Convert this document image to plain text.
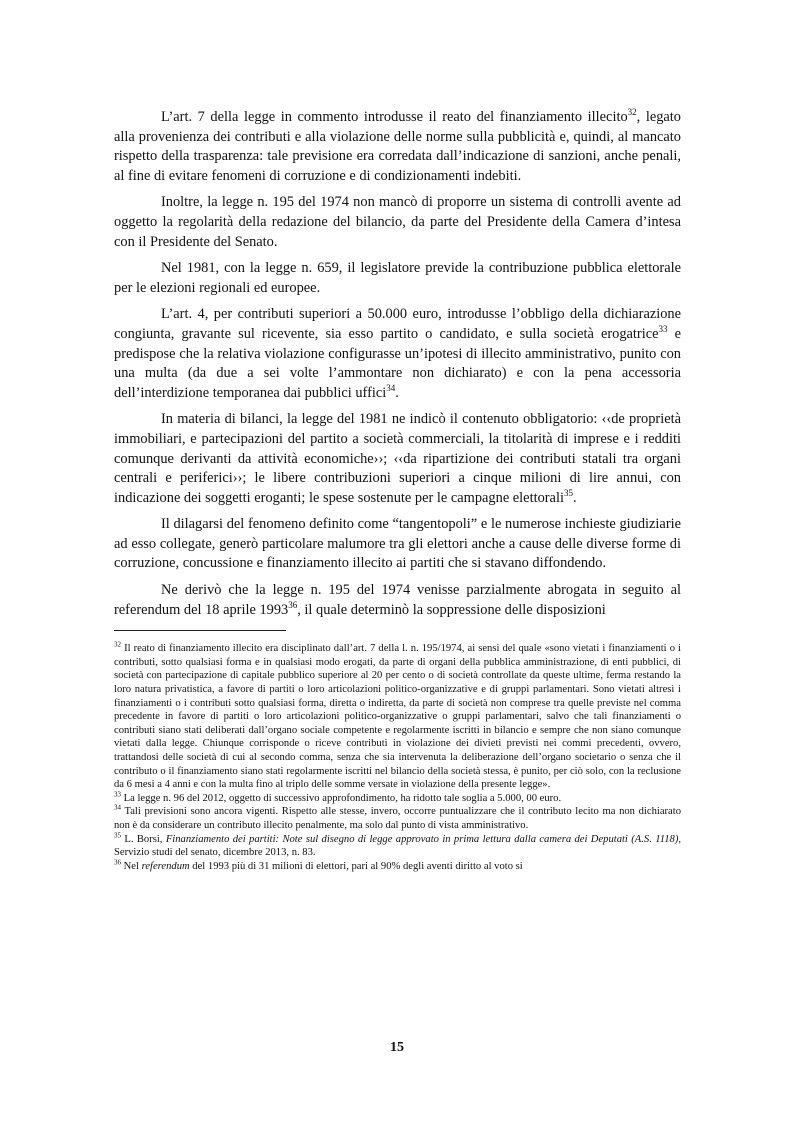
L’art. 7 della legge in commento introdusse il reato del finanziamento illecito$^{32}$, legato alla provenienza dei contributi e alla violazione delle norme sulla pubblicità e, quindi, al mancato rispetto della trasparenza: tale previsione era corredata dall’indicazione di sanzioni, anche penali, al fine di evitare fenomeni di corruzione e di condizionamenti indebiti.

Inoltre, la legge n. 195 del 1974 non mancò di proporre un sistema di controlli avente ad oggetto la regolarità della redazione del bilancio, da parte del Presidente della Camera d’intesa con il Presidente del Senato.

Nel 1981, con la legge n. 659, il legislatore previde la contribuzione pubblica elettorale per le elezioni regionali ed europee.

L’art. 4, per contributi superiori a 50.000 euro, introdusse l’obbligo della dichiarazione congiunta, gravante sul ricevente, sia esso partito o candidato, e sulla società erogatrice$^{33}$ e predispose che la relativa violazione configurasse un’ipotesi di illecito amministrativo, punito con una multa (da due a sei volte l’ammontare non dichiarato) e con la pena accessoria dell’interdizione temporanea dai pubblici uffici$^{34}$.

In materia di bilanci, la legge del 1981 ne indicò il contenuto obbligatorio: ‹‹de proprietà immobiliari, e partecipazioni del partito a società commerciali, la titolarità di imprese e i redditi comunque derivanti da attività economiche››; ‹‹da ripartizione dei contributi statali tra organi centrali e periferici››; le libere contribuzioni superiori a cinque milioni di lire annui, con indicazione dei soggetti eroganti; le spese sostenute per le campagne elettorali$^{35}$.

Il dilagarsi del fenomeno definito come “tangentopoli” e le numerose inchieste giudiziarie ad esso collegate, generò particolare malumore tra gli elettori anche a cause delle diverse forme di corruzione, concussione e finanziamento illecito ai partiti che si stavano diffondendo.

Ne derivò che la legge n. 195 del 1974 venisse parzialmente abrogata in seguito al referendum del 18 aprile 1993$^{36}$, il quale determinò la soppressione delle disposizioni

$^{32}$ Il reato di finanziamento illecito era disciplinato dall’art. 7 della l. n. 195/1974, ai sensi del quale «sono vietati i finanziamenti o i contributi, sotto qualsiasi forma e in qualsiasi modo erogati, da parte di organi della pubblica amministrazione, di enti pubblici, di società con partecipazione di capitale pubblico superiore al 20 per cento o di società controllate da queste ultime, ferma restando la loro natura privatistica, a favore di partiti o loro articolazioni politico-organizzative e di gruppi parlamentari. Sono vietati altresì i finanziamenti o i contributi sotto qualsiasi forma, diretta o indiretta, da parte di società non comprese tra quelle previste nel comma precedente in favore di partiti o loro articolazioni politico-organizzative o gruppi parlamentari, salvo che tali finanziamenti o contributi siano stati deliberati dall’organo sociale competente e regolarmente iscritti in bilancio e sempre che non siano comunque vietati dalla legge. Chiunque corrisponde o riceve contributi in violazione dei divieti previsti nei commi precedenti, ovvero, trattandosi delle società di cui al secondo comma, senza che sia intervenuta la deliberazione dell’organo societario o senza che il contributo o il finanziamento siano stati regolarmente iscritti nel bilancio della società stessa, è punito, per ciò solo, con la reclusione da 6 mesi a 4 anni e con la multa fino al triplo delle somme versate in violazione della presente legge».

$^{33}$ La legge n. 96 del 2012, oggetto di successivo approfondimento, ha ridotto tale soglia a 5.000, 00 euro.

$^{34}$ Tali previsioni sono ancora vigenti. Rispetto alle stesse, invero, occorre puntualizzare che il contributo lecito ma non dichiarato non è da considerare un contributo illecito penalmente, ma solo dal punto di vista amministrativo.

$^{35}$ L. Borsi, Finanziamento dei partiti: Note sul disegno di legge approvato in prima lettura dalla camera dei Deputati (A.S. 1118), Servizio studi del senato, dicembre 2013, n. 83.

$^{36}$ Nel referendum del 1993 più di 31 milioni di elettori, pari al 90% degli aventi diritto al voto si

15
